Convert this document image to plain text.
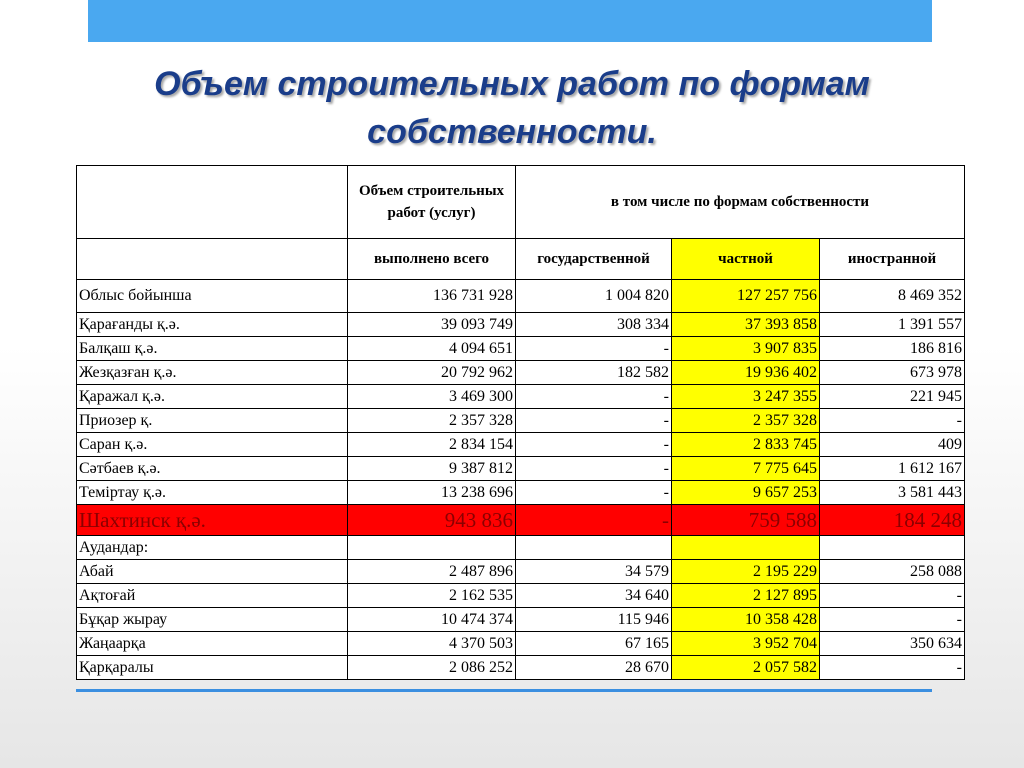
Объем строительных работ по формам
собственности.
	Объем строительных работ (услуг)	в том числе по формам собственности		
	выполнено всего	государственной	частной	иностранной
Облыс бойынша	136 731 928	1 004 820	127 257 756	8 469 352
Қарағанды қ.ә.	39 093 749	308 334	37 393 858	1 391 557
Балқаш қ.ә.	4 094 651	-	3 907 835	186 816
Жезқазған қ.ә.	20 792 962	182 582	19 936 402	673 978
Қаражал қ.ә.	3 469 300	-	3 247 355	221 945
Приозер қ.	2 357 328	-	2 357 328	-
Саран қ.ә.	2 834 154	-	2 833 745	409
Сәтбаев қ.ә.	9 387 812	-	7 775 645	1 612 167
Теміртау қ.ә.	13 238 696	-	9 657 253	3 581 443
Шахтинск қ.ә.	943 836	-	759 588	184 248
Аудандар:				
Абай	2 487 896	34 579	2 195 229	258 088
Ақтоғай	2 162 535	34 640	2 127 895	-
Бұқар жырау	10 474 374	115 946	10 358 428	-
Жаңаарқа	4 370 503	67 165	3 952 704	350 634
Қарқаралы	2 086 252	28 670	2 057 582	-
